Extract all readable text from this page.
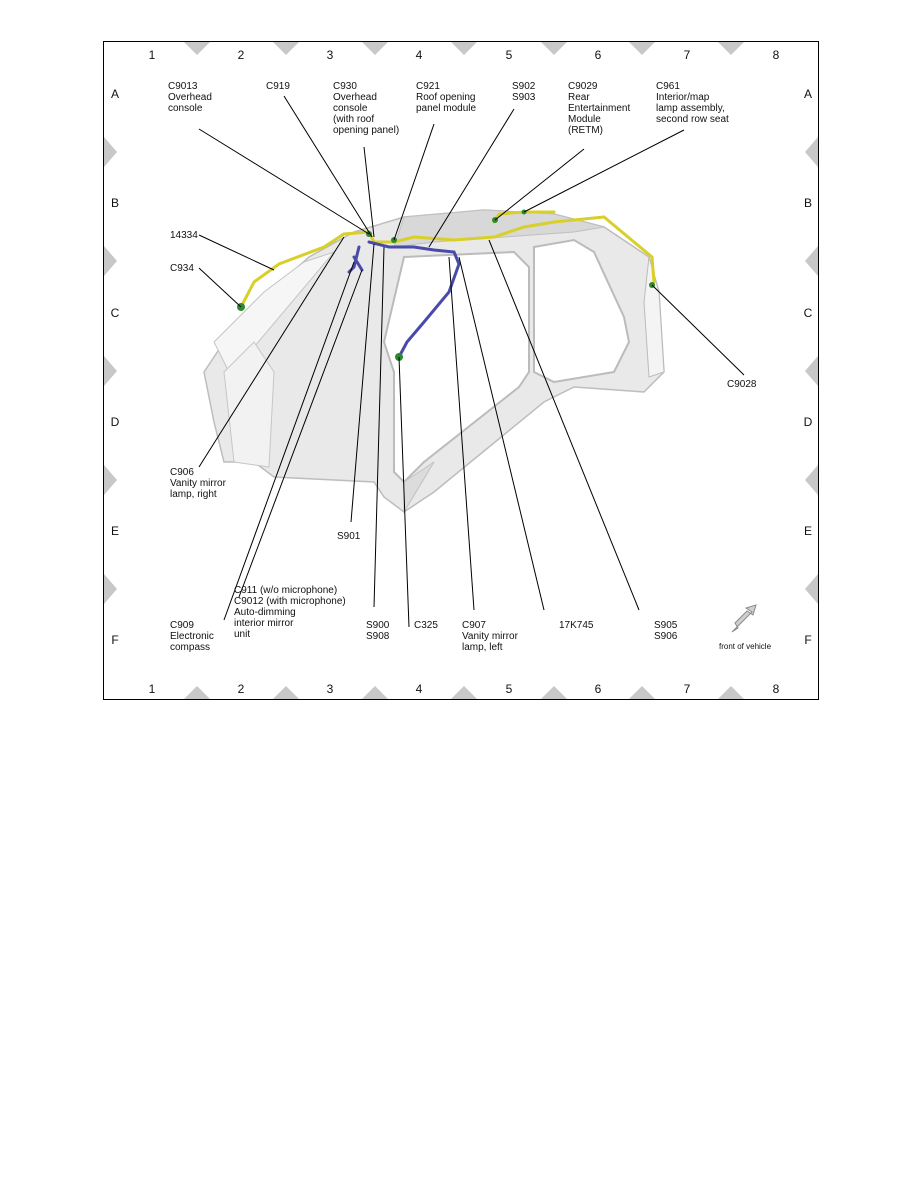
1
1
2
2
3
3
4
4
5
5
6
6
7
7
8
8
A	A
B	B
C	C
D	D
E	E
F	F
C9013 Overhead console
C919	C930 Overhead console (with roof opening panel)
C921 Roof opening panel module
S902 S903
C9029 Rear Entertainment Module (RETM)
C961 Interior/map lamp assembly, second row seat
14334
C934
C9028
C906 Vanity mirror lamp, right
S901
C911 (w/o microphone) C9012 (with microphone) Auto-dimming interior mirror unit
C909 Electronic compass
S900 S908
C325 C907 Vanity mirror lamp, left
17K745	S905 S906
front of vehicle
